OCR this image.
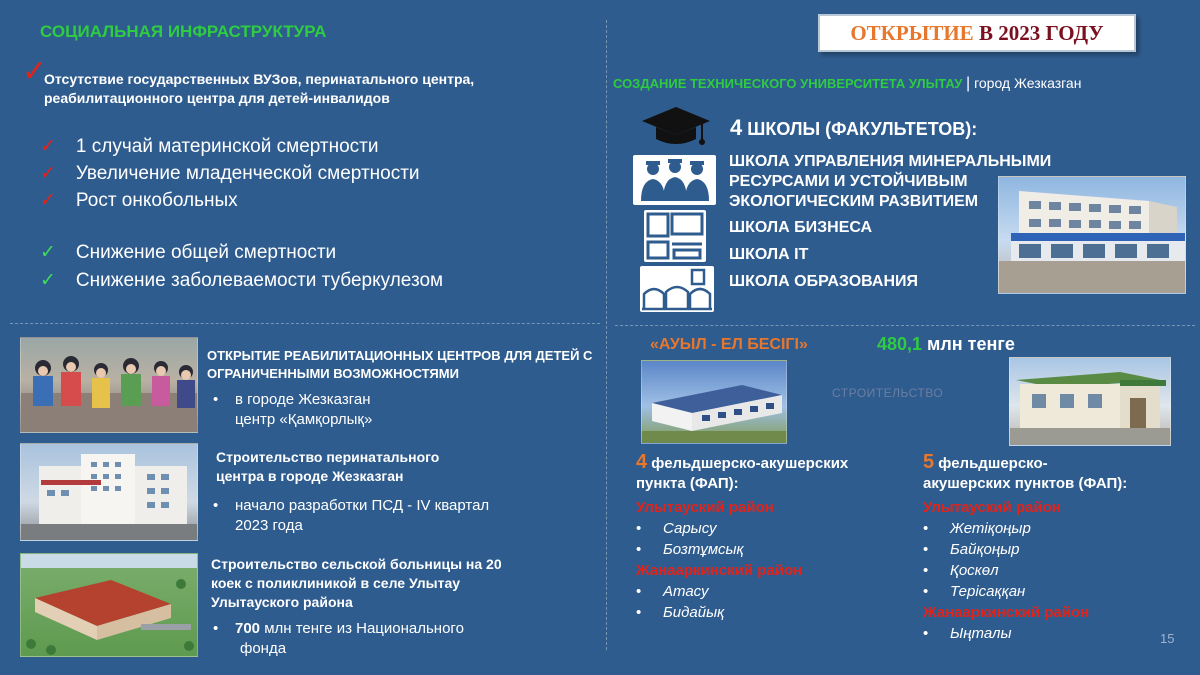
СОЦИАЛЬНАЯ ИНФРАСТРУКТУРА
✓
Отсутствие государственных ВУЗов, перинатального центра, реабилитационного центра для детей-инвалидов
✓ 1 случай материнской смертности
✓ Увеличение младенческой смертности
✓ Рост онкобольных
✓ Снижение общей смертности
✓ Снижение заболеваемости туберкулезом
ОТКРЫТИЕ РЕАБИЛИТАЦИОННЫХ ЦЕНТРОВ ДЛЯ ДЕТЕЙ С ОГРАНИЧЕННЫМИ ВОЗМОЖНОСТЯМИ
• в городе Жезказган
центр «Қамқорлық»
Строительство перинатального
центра в городе Жезказган
• начало разработки ПСД - IV квартал
2023 года
Строительство сельской больницы на 20
коек с поликлиникой в селе Улытау
Улытауского района
• 700 млн тенге из Национального
фонда
ОТКРЫТИЕ В 2023 ГОДУ
СОЗДАНИЕ ТЕХНИЧЕСКОГО УНИВЕРСИТЕТА УЛЫТАУ | город Жезказган
4 ШКОЛЫ (ФАКУЛЬТЕТОВ):
ШКОЛА УПРАВЛЕНИЯ МИНЕРАЛЬНЫМИ
РЕСУРСАМИ И УСТОЙЧИВЫМ
ЭКОЛОГИЧЕСКИМ РАЗВИТИЕМ
ШКОЛА БИЗНЕСА
ШКОЛА IT
ШКОЛА ОБРАЗОВАНИЯ
«АУЫЛ - ЕЛ БЕСІГІ»	480,1 млн тенге
СТРОИТЕЛЬСТВО
4 фельдшерско-акушерских
пункта (ФАП):
Улытауский район
• Сарысу
• Бозтұмсық
Жанааркинский район
• Атасу
• Бидайық
5 фельдшерско-
акушерских пунктов (ФАП):
Улытауский район
• Жетіқоңыр
• Байқоңыр
• Қоскөл
• Терісаққан
Жанааркинский район
• Ыңталы	15
